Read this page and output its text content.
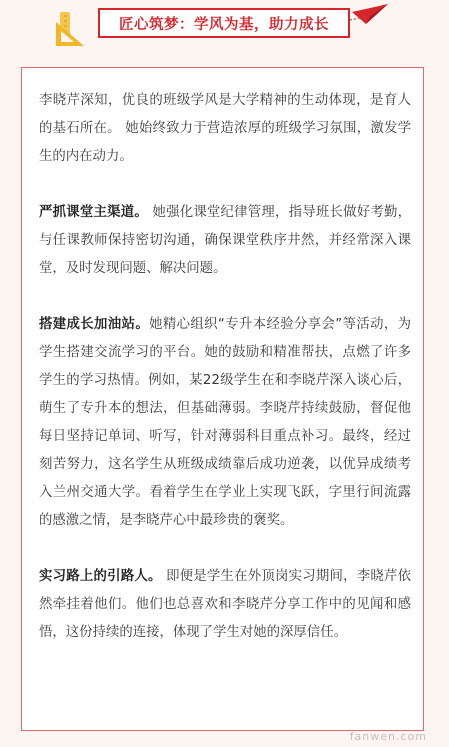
匠心筑梦：学风为基，助力成长

李晓芹深知，优良的班级学风是大学精神的生动体现，是育人的基石所在。 她始终致力于营造浓厚的班级学习氛围，激发学生的内在动力。

严抓课堂主渠道。 她强化课堂纪律管理，指导班长做好考勤，与任课教师保持密切沟通，确保课堂秩序井然，并经常深入课堂，及时发现问题、解决问题。

搭建成长加油站。她精心组织“专升本经验分享会”等活动，为学生搭建交流学习的平台。她的鼓励和精准帮扶，点燃了许多学生的学习热情。例如，某22级学生在和李晓芹深入谈心后，萌生了专升本的想法，但基础薄弱。李晓芹持续鼓励，督促他每日坚持记单词、听写，针对薄弱科目重点补习。最终，经过刻苦努力，这名学生从班级成绩靠后成功逆袭，以优异成绩考入兰州交通大学。看着学生在学业上实现飞跃，字里行间流露的感激之情，是李晓芹心中最珍贵的褒奖。

实习路上的引路人。 即便是学生在外顶岗实习期间，李晓芹依然牵挂着他们。他们也总喜欢和李晓芹分享工作中的见闻和感悟，这份持续的连接，体现了学生对她的深厚信任。

fanwen.com
